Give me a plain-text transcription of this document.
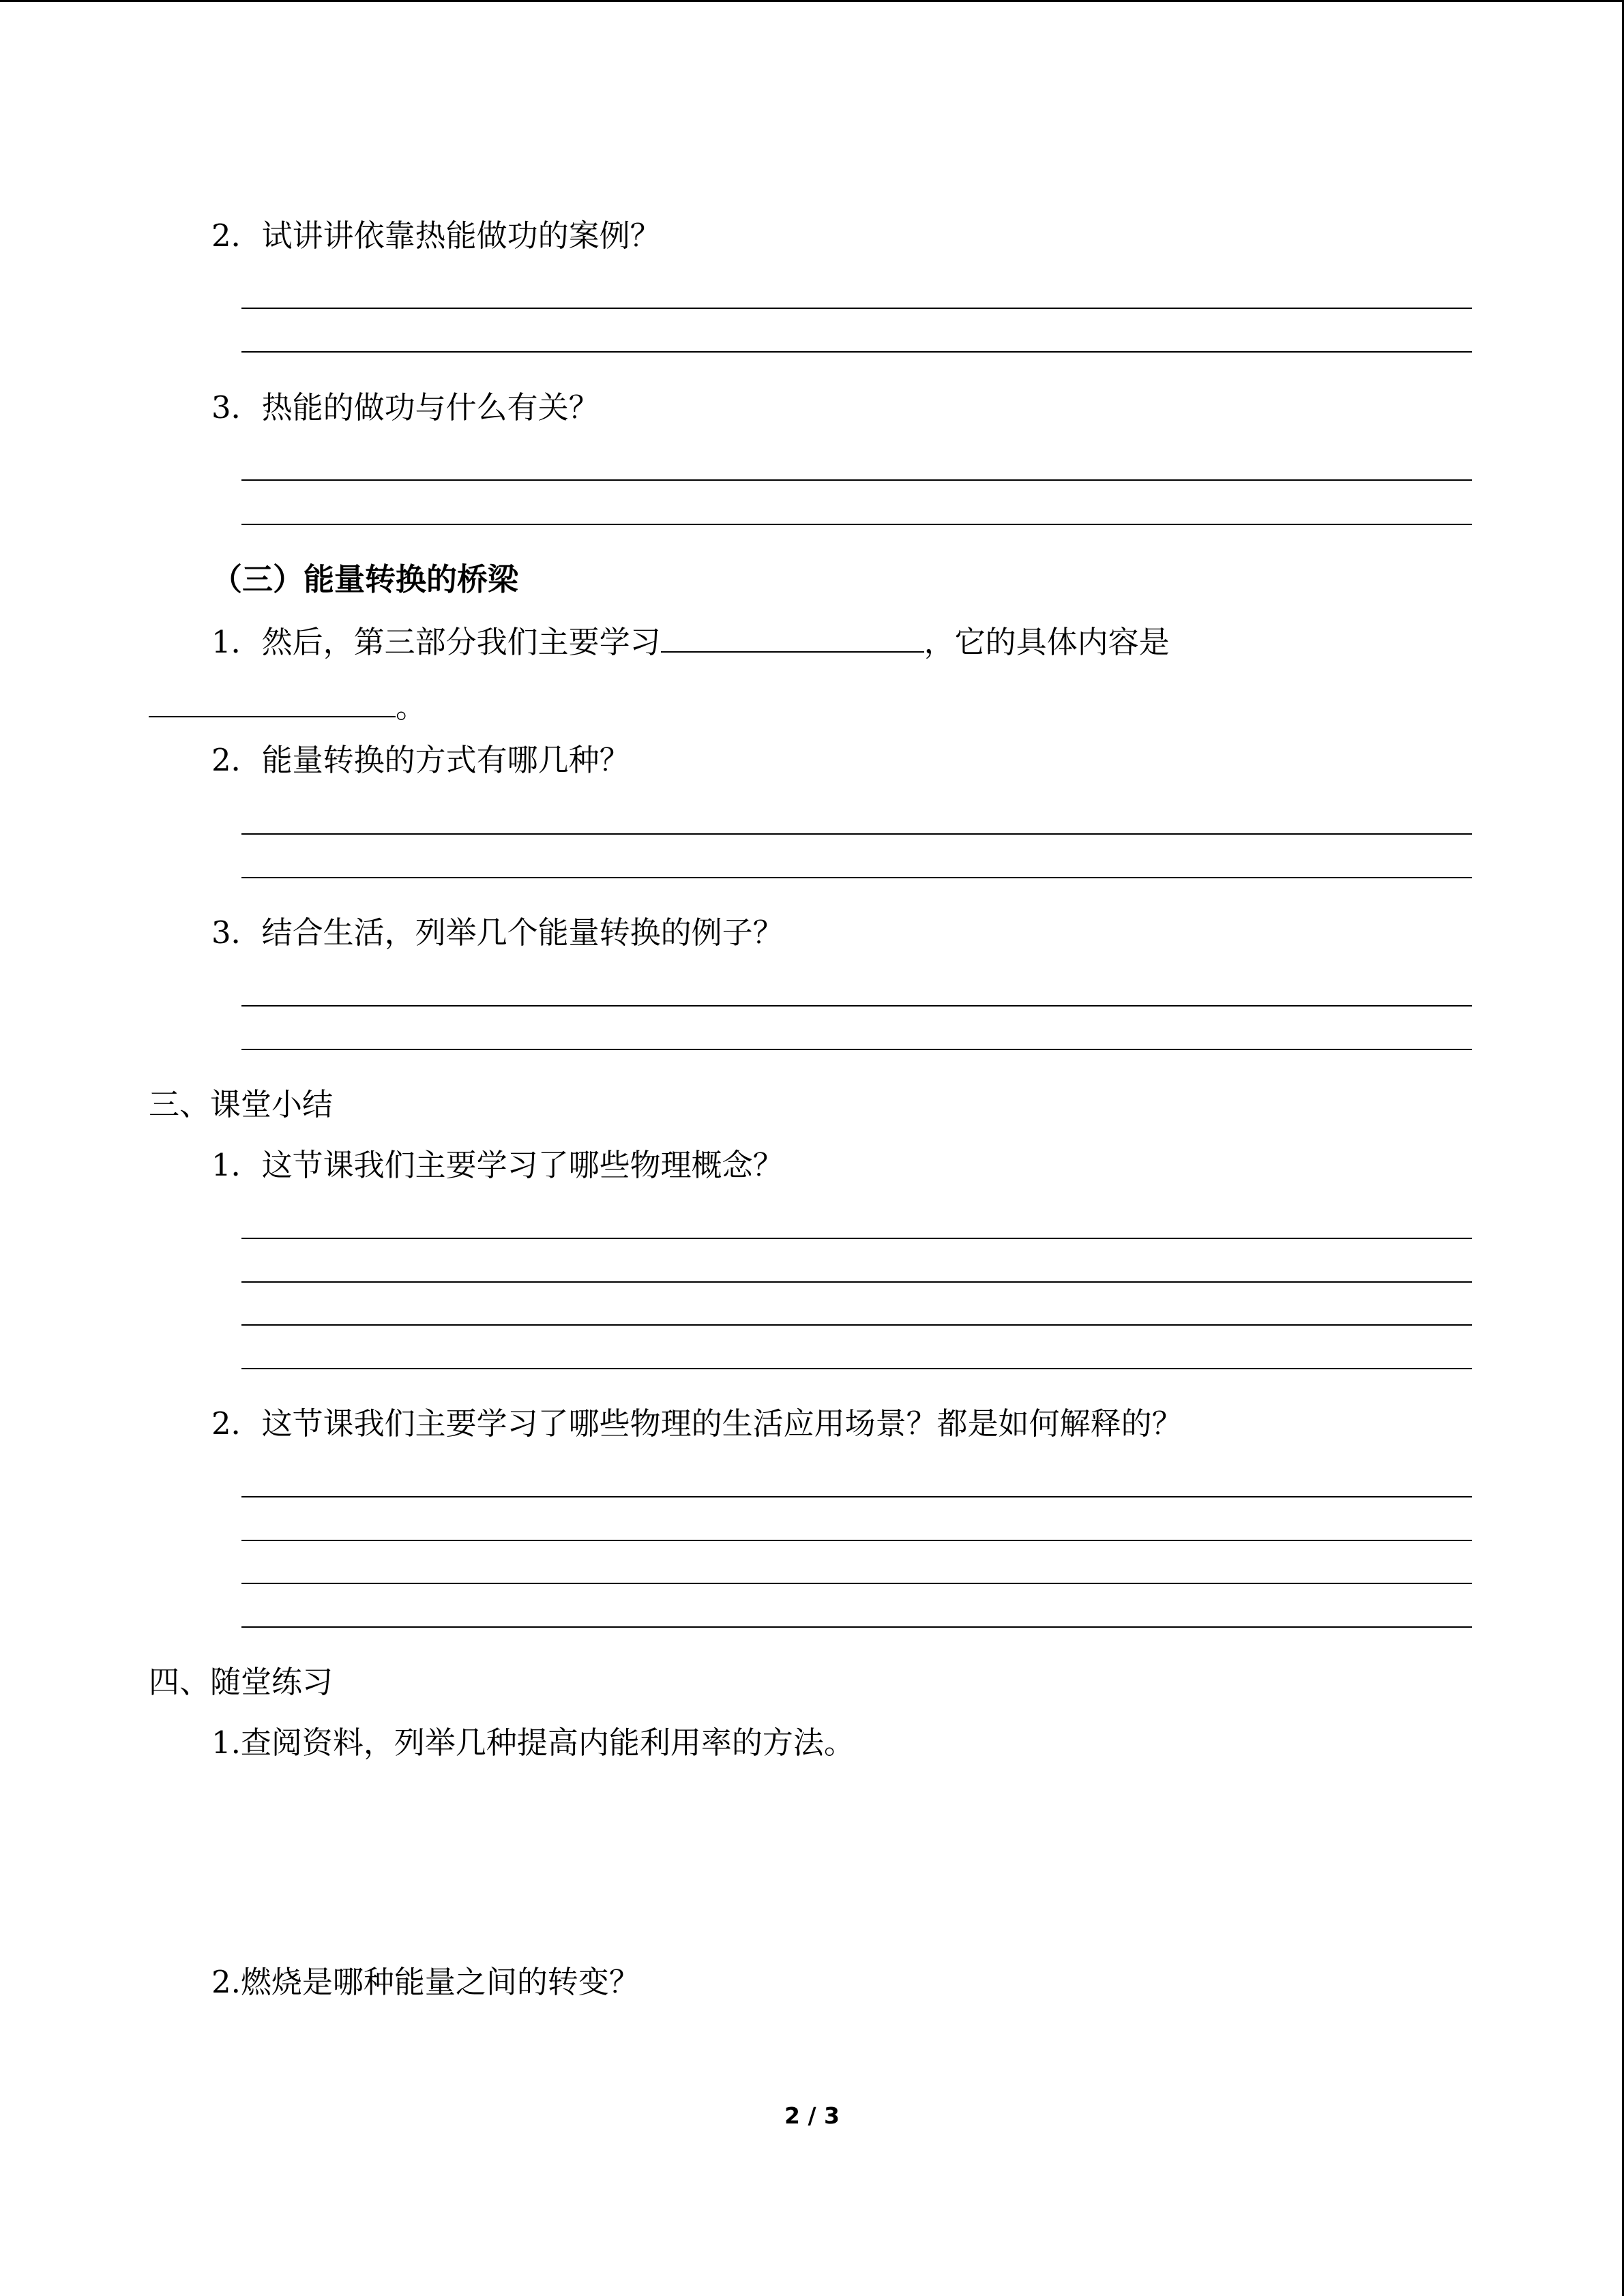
2．试讲讲依靠热能做功的案例？

3．热能的做功与什么有关？

（三）能量转换的桥梁

1．然后，第三部分我们主要学习	，它的具体内容是

。

2．能量转换的方式有哪几种？

3．结合生活，列举几个能量转换的例子？

三、课堂小结

1．这节课我们主要学习了哪些物理概念？

2．这节课我们主要学习了哪些物理的生活应用场景？都是如何解释的？

四、随堂练习

1.查阅资料，列举几种提高内能利用率的方法。

2.燃烧是哪种能量之间的转变？

2 / 3
